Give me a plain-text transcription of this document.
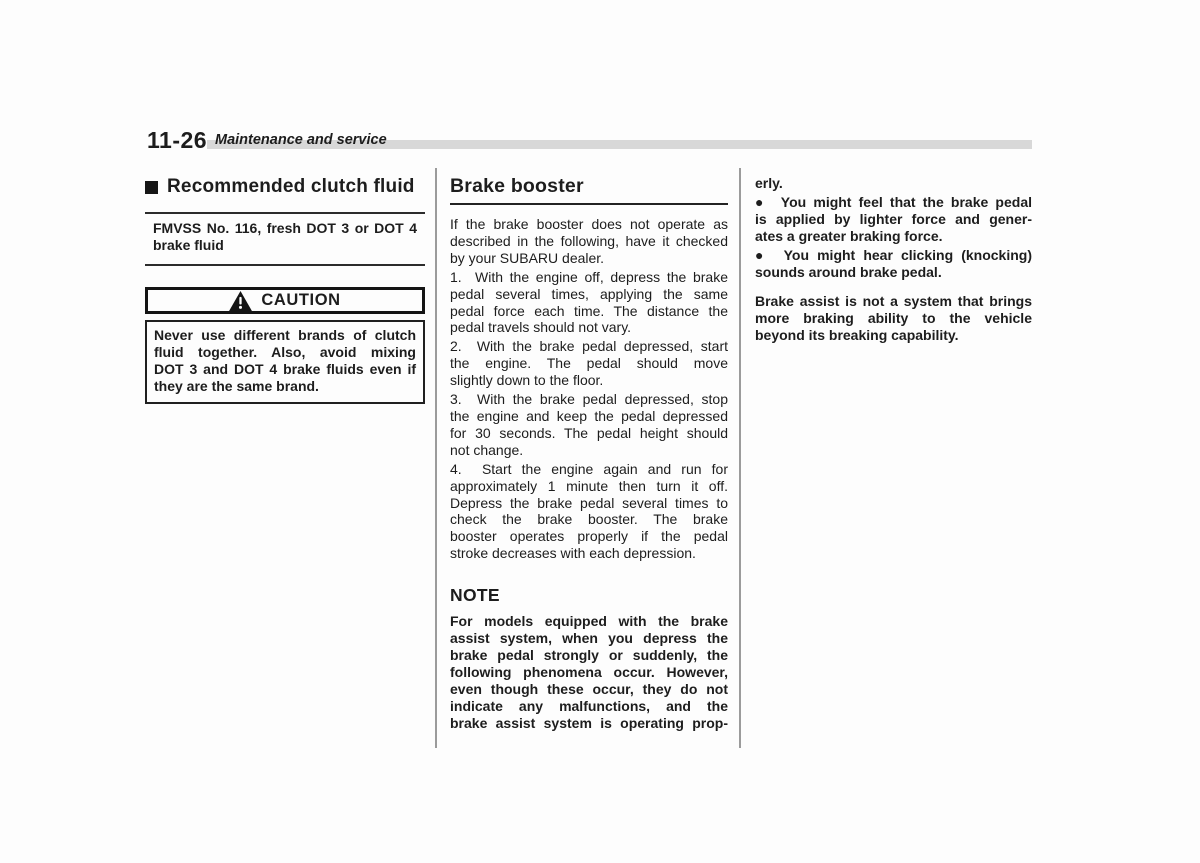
11-26 Maintenance and service
Recommended clutch fluid
FMVSS No. 116, fresh DOT 3 or DOT 4
brake fluid
CAUTION
Never use different brands of clutch
fluid together. Also, avoid mixing
DOT 3 and DOT 4 brake fluids even if
they are the same brand.
Brake booster
If the brake booster does not operate as
described in the following, have it checked
by your SUBARU dealer.
1.  With the engine off, depress the brake
pedal several times, applying the same
pedal force each time. The distance the
pedal travels should not vary.
2.  With the brake pedal depressed, start
the engine. The pedal should move
slightly down to the floor.
3.  With the brake pedal depressed, stop
the engine and keep the pedal depressed
for 30 seconds. The pedal height should
not change.
4.  Start the engine again and run for
approximately 1 minute then turn it off.
Depress the brake pedal several times to
check the brake booster. The brake
booster operates properly if the pedal
stroke decreases with each depression.
NOTE
For models equipped with the brake
assist system, when you depress the
brake pedal strongly or suddenly, the
following phenomena occur. However,
even though these occur, they do not
indicate any malfunctions, and the
brake assist system is operating prop-
erly.
●  You might feel that the brake pedal
is applied by lighter force and gener-
ates a greater braking force.
●  You might hear clicking (knocking)
sounds around brake pedal.
Brake assist is not a system that brings
more braking ability to the vehicle
beyond its breaking capability.
